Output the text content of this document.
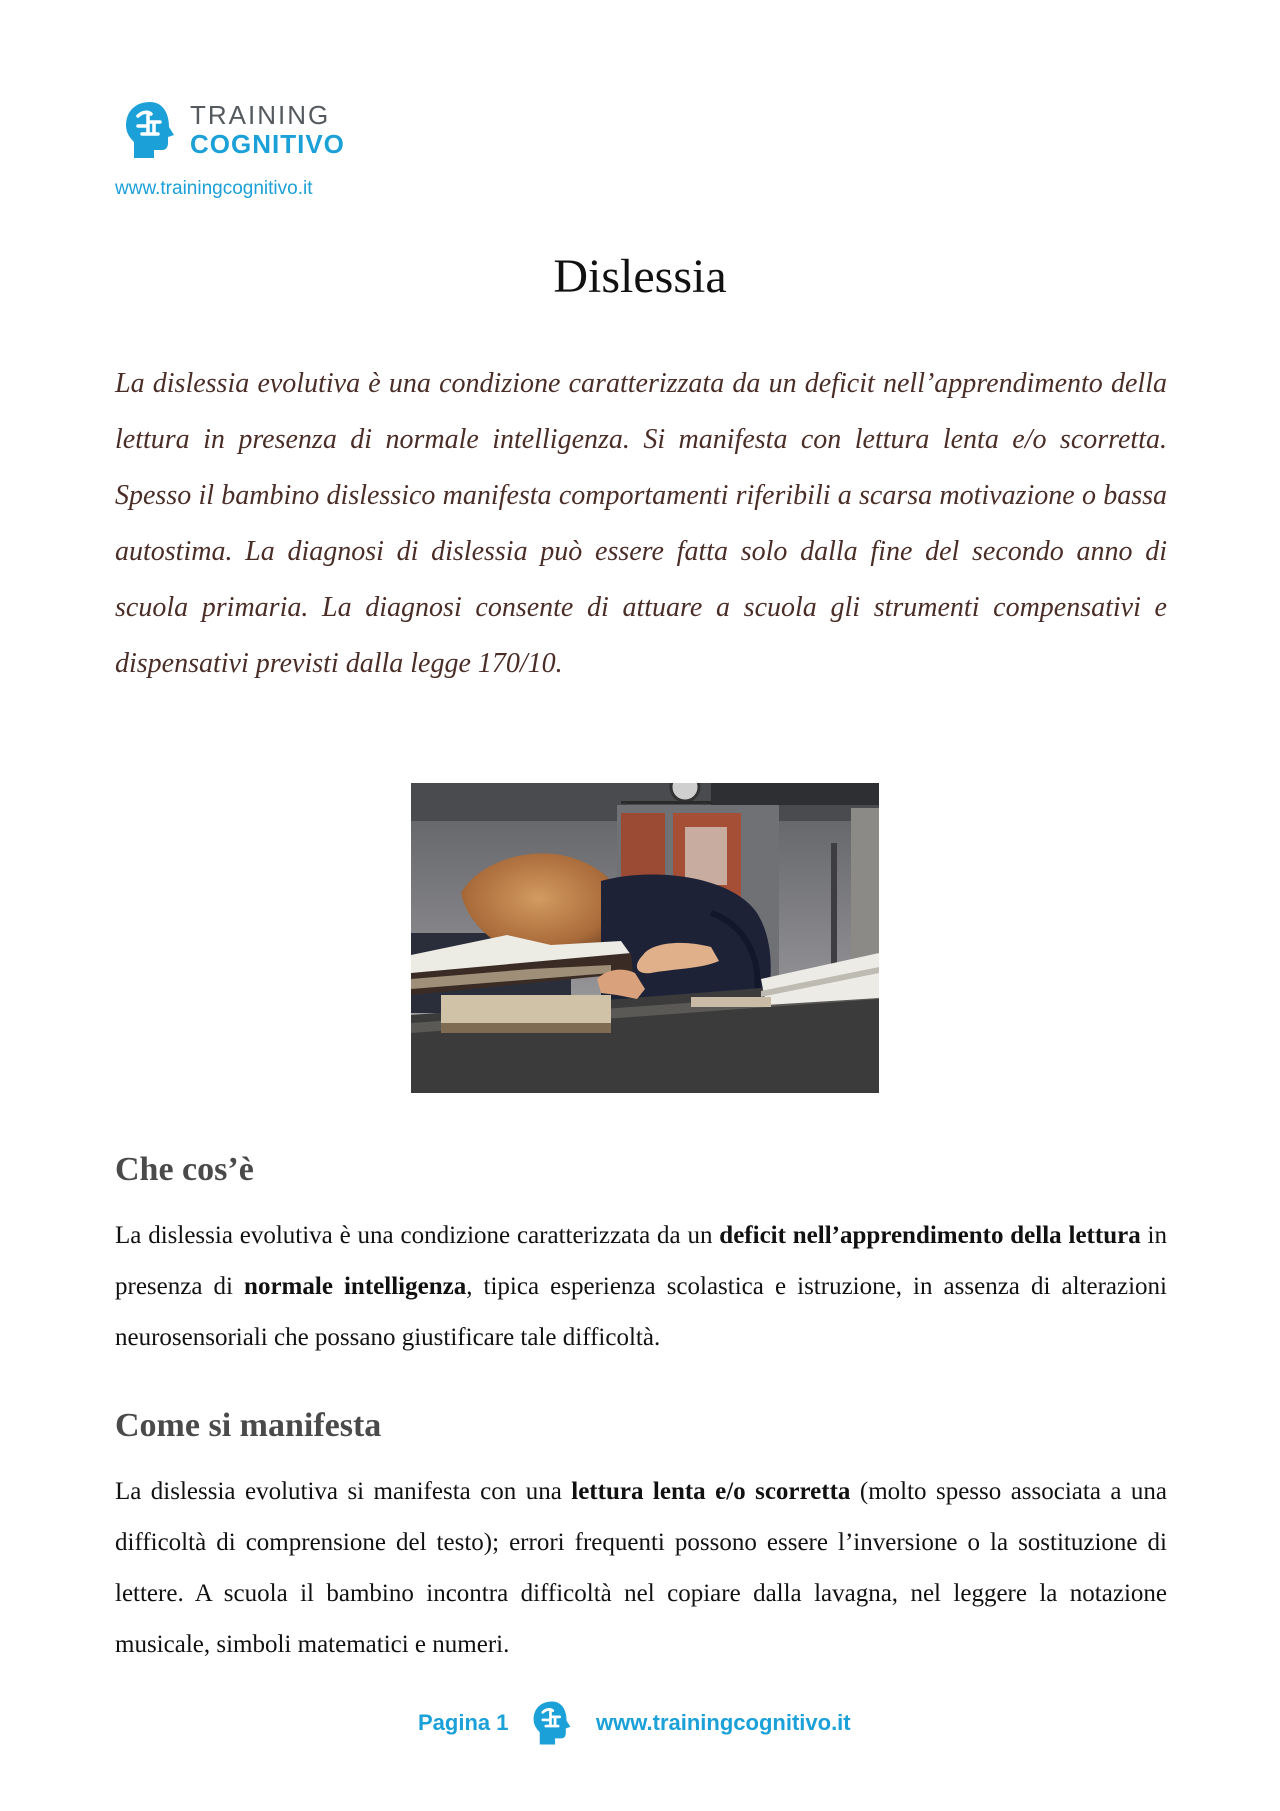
TRAINING
COGNITIVO
www.trainingcognitivo.it
Dislessia

La dislessia evolutiva è una condizione caratterizzata da un deficit nell’apprendimento della lettura in presenza di normale intelligenza. Si manifesta con lettura lenta e/o scorretta. Spesso il bambino dislessico manifesta comportamenti riferibili a scarsa motivazione o bassa autostima. La diagnosi di dislessia può essere fatta solo dalla fine del secondo anno di scuola primaria. La diagnosi consente di attuare a scuola gli strumenti compensativi e dispensativi previsti dalla legge 170/10.

Che cos’è

La dislessia evolutiva è una condizione caratterizzata da un deficit nell’apprendimento della lettura in presenza di normale intelligenza, tipica esperienza scolastica e istruzione, in assenza di alterazioni neurosensoriali che possano giustificare tale difficoltà.

Come si manifesta

La dislessia evolutiva si manifesta con una lettura lenta e/o scorretta (molto spesso associata a una difficoltà di comprensione del testo); errori frequenti possono essere l’inversione o la sostituzione di lettere. A scuola il bambino incontra difficoltà nel copiare dalla lavagna, nel leggere la notazione musicale, simboli matematici e numeri.

Pagina 1	www.trainingcognitivo.it
